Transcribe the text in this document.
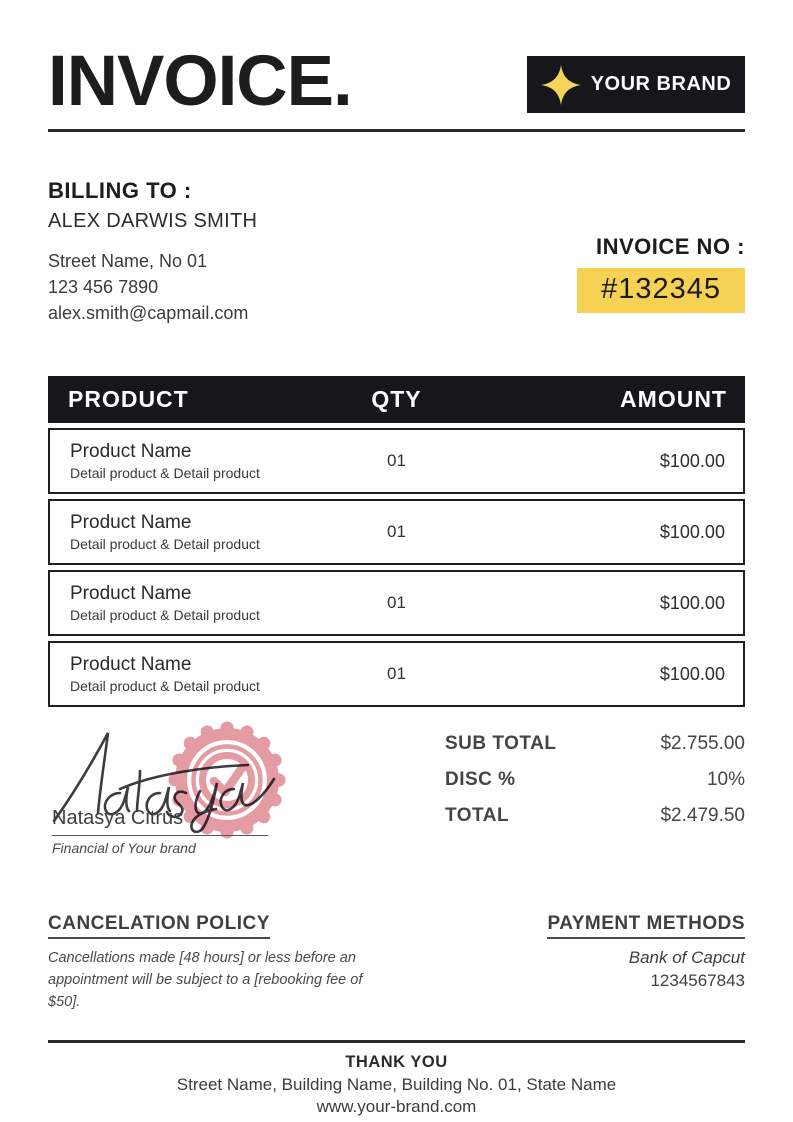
INVOICE.	YOUR BRAND
BILLING TO :
ALEX DARWIS SMITH
Street Name, No 01
123 456 7890
alex.smith@capmail.com
INVOICE NO :
#132345
PRODUCT	QTY	AMOUNT
Product Name
Detail product & Detail product
01	$100.00
Product Name
Detail product & Detail product
01	$100.00
Product Name
Detail product & Detail product
01	$100.00
Product Name
Detail product & Detail product
01	$100.00
Natasya Citrus
Financial of Your brand
SUB TOTAL	$2.755.00
DISC %	10%
TOTAL	$2.479.50
CANCELATION POLICY
Cancellations made [48 hours] or less before an appointment will be subject to a [rebooking fee of $50].
PAYMENT METHODS
Bank of Capcut
1234567843
THANK YOU
Street Name, Building Name, Building No. 01, State Name
www.your-brand.com
